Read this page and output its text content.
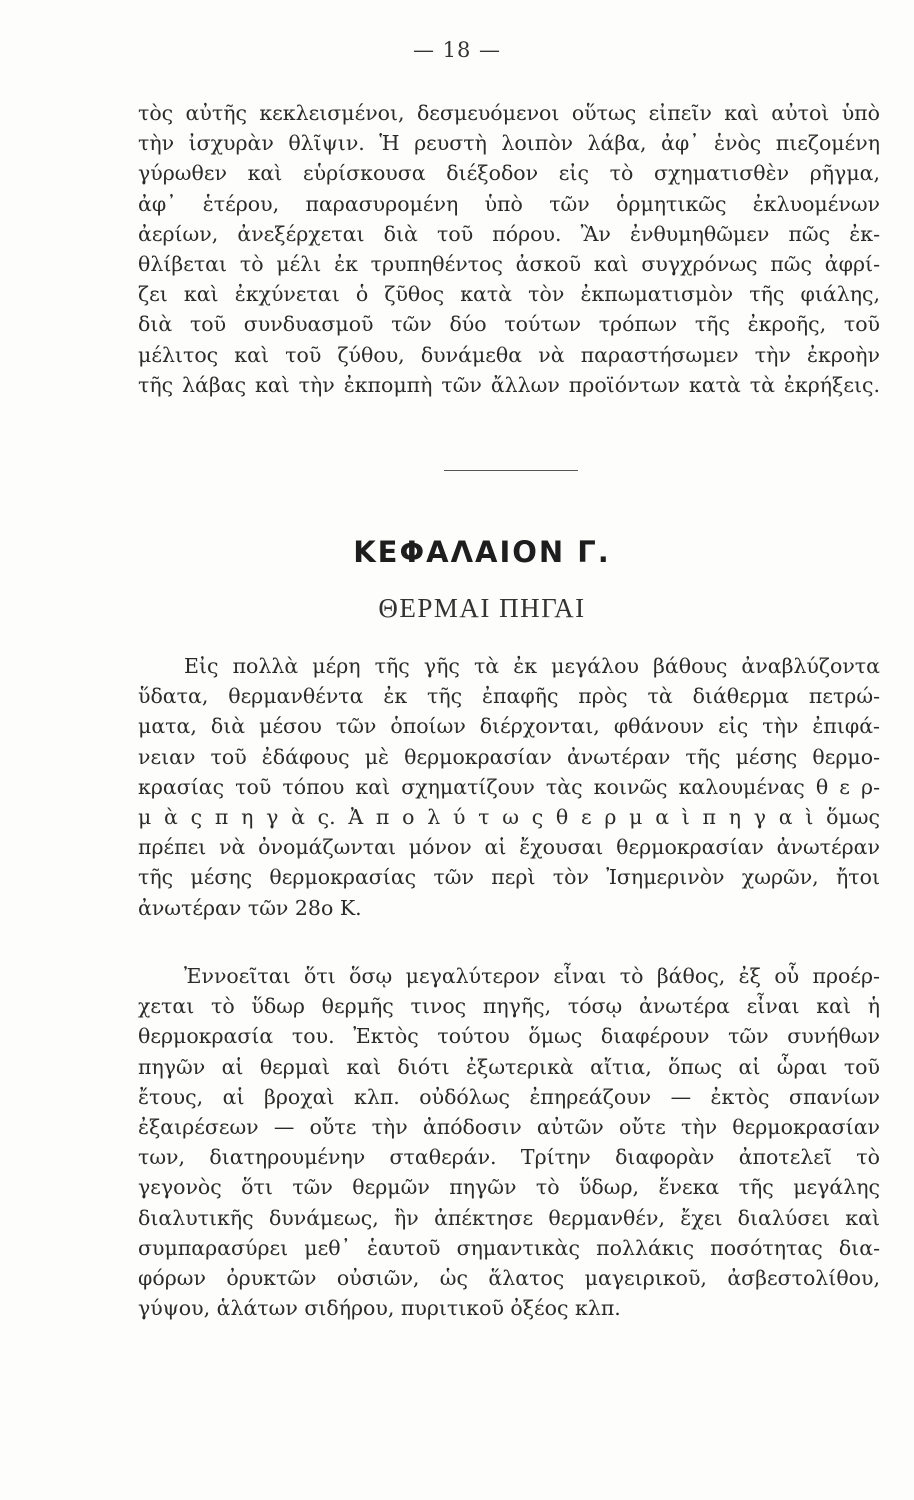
— 18 —
τὸς αὐτῆς κεκλεισμένοι, δεσμευόμενοι οὕτως εἰπεῖν καὶ αὐτοὶ ὑπὸ
τὴν ἰσχυρὰν θλῖψιν. Ἡ ρευστὴ λοιπὸν λάβα, ἀφ᾽ ἑνὸς πιεζομένη
γύρωθεν καὶ εὑρίσκουσα διέξοδον εἰς τὸ σχηματισθὲν ρῆγμα,
ἀφ᾽ ἑτέρου, παρασυρομένη ὑπὸ τῶν ὁρμητικῶς ἐκλυομένων
ἀερίων, ἀνεξέρχεται διὰ τοῦ πόρου. Ἂν ἐνθυμηθῶμεν πῶς ἐκ-
θλίβεται τὸ μέλι ἐκ τρυπηθέντος ἀσκοῦ καὶ συγχρόνως πῶς ἀφρί-
ζει καὶ ἐκχύνεται ὁ ζῦθος κατὰ τὸν ἐκπωματισμὸν τῆς φιάλης,
διὰ τοῦ συνδυασμοῦ τῶν δύο τούτων τρόπων τῆς ἐκροῆς, τοῦ
μέλιτος καὶ τοῦ ζύθου, δυνάμεθα νὰ παραστήσωμεν τὴν ἐκροὴν
τῆς λάβας καὶ τὴν ἐκπομπὴ τῶν ἄλλων προϊόντων κατὰ τὰ ἐκρήξεις.
ΚΕΦΑΛΑΙΟΝ Γ.
ΘΕΡΜΑΙ ΠΗΓΑΙ
Εἰς πολλὰ μέρη τῆς γῆς τὰ ἐκ μεγάλου βάθους ἀναβλύζοντα
ὕδατα, θερμανθέντα ἐκ τῆς ἐπαφῆς πρὸς τὰ διάθερμα πετρώ-
ματα, διὰ μέσου τῶν ὁποίων διέρχονται, φθάνουν εἰς τὴν ἐπιφά-
νειαν τοῦ ἐδάφους μὲ θερμοκρασίαν ἀνωτέραν τῆς μέσης θερμο-
κρασίας τοῦ τόπου καὶ σχηματίζουν τὰς κοινῶς καλουμένας θ ε ρ-
μ ὰ ς π η γ ὰ ς. Ἀ π ο λ ύ τ ω ς θ ε ρ μ α ὶ π η γ α ὶ ὅμως
πρέπει νὰ ὀνομάζωνται μόνον αἱ ἔχουσαι θερμοκρασίαν ἀνωτέραν
τῆς μέσης θερμοκρασίας τῶν περὶ τὸν Ἰσημερινὸν χωρῶν, ἤτοι
ἀνωτέραν τῶν 28ο Κ.
Ἐννοεῖται ὅτι ὅσῳ μεγαλύτερον εἶναι τὸ βάθος, ἐξ οὗ προέρ-
χεται τὸ ὕδωρ θερμῆς τινος πηγῆς, τόσῳ ἀνωτέρα εἶναι καὶ ἡ
θερμοκρασία του. Ἐκτὸς τούτου ὅμως διαφέρουν τῶν συνήθων
πηγῶν αἱ θερμαὶ καὶ διότι ἐξωτερικὰ αἴτια, ὅπως αἱ ὧραι τοῦ
ἔτους, αἱ βροχαὶ κλπ. οὐδόλως ἐπηρεάζουν — ἐκτὸς σπανίων
ἐξαιρέσεων — οὔτε τὴν ἀπόδοσιν αὐτῶν οὔτε τὴν θερμοκρασίαν
των, διατηρουμένην σταθεράν. Τρίτην διαφορὰν ἀποτελεῖ τὸ
γεγονὸς ὅτι τῶν θερμῶν πηγῶν τὸ ὕδωρ, ἕνεκα τῆς μεγάλης
διαλυτικῆς δυνάμεως, ἣν ἀπέκτησε θερμανθέν, ἔχει διαλύσει καὶ
συμπαρασύρει μεθ᾽ ἑαυτοῦ σημαντικὰς πολλάκις ποσότητας δια-
φόρων ὀρυκτῶν οὐσιῶν, ὡς ἅλατος μαγειρικοῦ, ἀσβεστολίθου,
γύψου, ἁλάτων σιδήρου, πυριτικοῦ ὀξέος κλπ.
